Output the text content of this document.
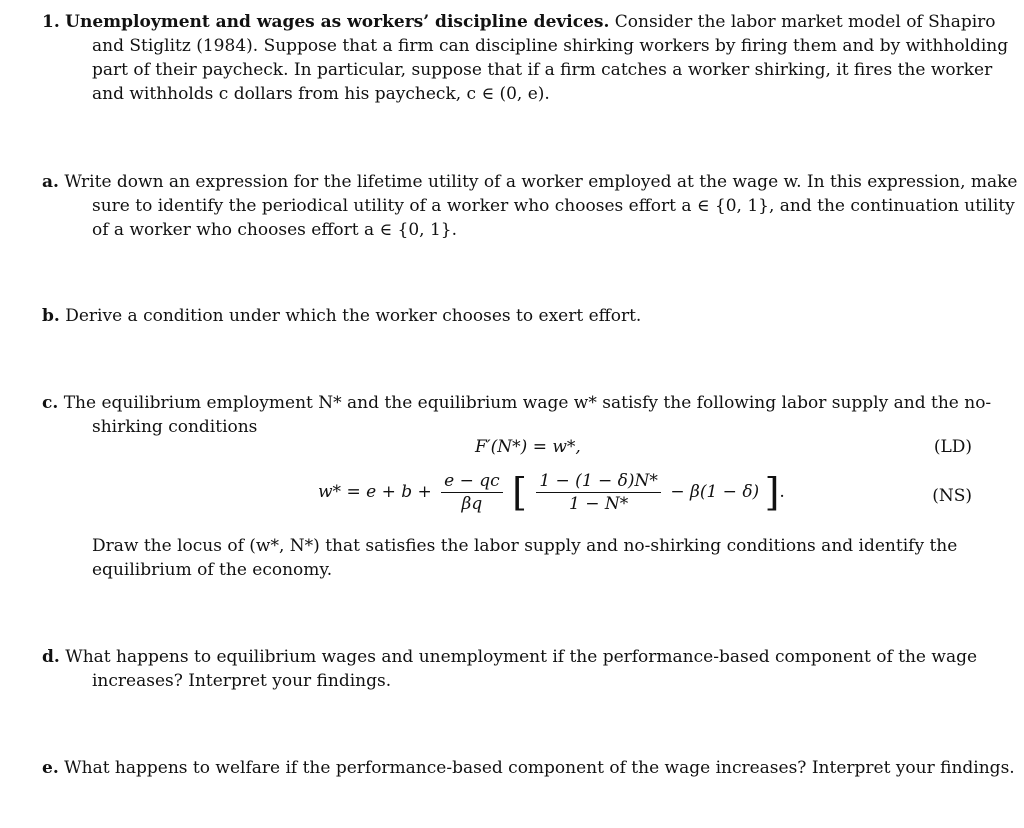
1. Unemployment and wages as workers’ discipline devices. Consider the labor market model of Shapiro and Stiglitz (1984). Suppose that a firm can discipline shirking workers by firing them and by withholding part of their paycheck. In particular, suppose that if a firm catches a worker shirking, it fires the worker and withholds c dollars from his paycheck, c ∈ (0, e).
a. Write down an expression for the lifetime utility of a worker employed at the wage w. In this expression, make sure to identify the periodical utility of a worker who chooses effort a ∈ {0, 1}, and the continuation utility of a worker who chooses effort a ∈ {0, 1}.
b. Derive a condition under which the worker chooses to exert effort.
c. The equilibrium employment N* and the equilibrium wage w* satisfy the following labor supply and the no-shirking conditions
F′(N*) = w*,	(LD)
$w* = e + b + \frac{e - qc}{\beta q}$ [ $\frac{1 - (1 - \delta)N*}{1 - N*} - \beta(1 - \delta)$ ].	(NS)
Draw the locus of (w*, N*) that satisfies the labor supply and no-shirking conditions and identify the equilibrium of the economy.
d. What happens to equilibrium wages and unemployment if the performance-based component of the wage increases? Interpret your findings.
e. What happens to welfare if the performance-based component of the wage increases? Interpret your findings.
